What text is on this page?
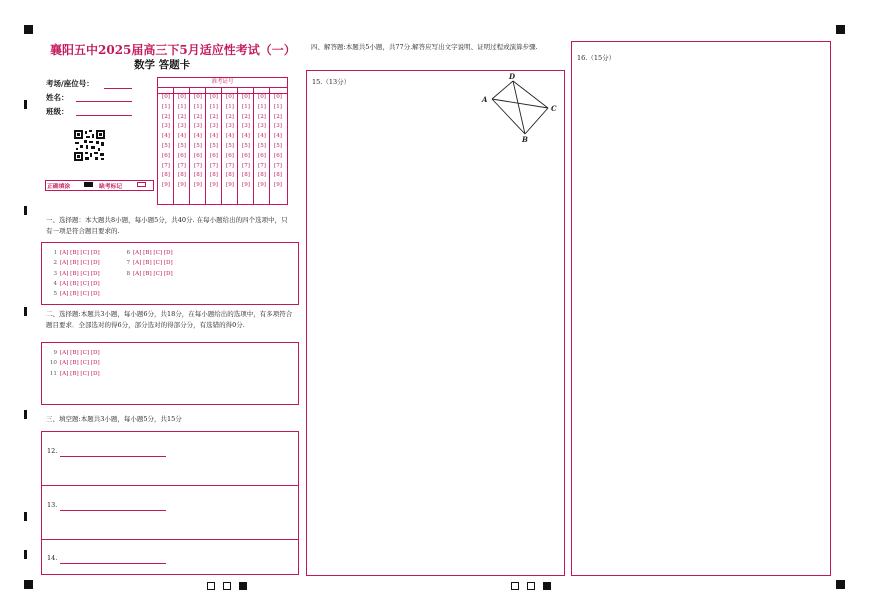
襄阳五中2025届高三下5月适应性考试（一）
数学 答题卡
考场/座位号：
姓名：
班级：
准考证号
[0]
[1]
[2]
[3]
[4]
[5]
[6]
[7]
[8]
[9]
[0]
[1]
[2]
[3]
[4]
[5]
[6]
[7]
[8]
[9]
[0]
[1]
[2]
[3]
[4]
[5]
[6]
[7]
[8]
[9]
[0]
[1]
[2]
[3]
[4]
[5]
[6]
[7]
[8]
[9]
[0]
[1]
[2]
[3]
[4]
[5]
[6]
[7]
[8]
[9]
[0]
[1]
[2]
[3]
[4]
[5]
[6]
[7]
[8]
[9]
[0]
[1]
[2]
[3]
[4]
[5]
[6]
[7]
[8]
[9]
[0]
[1]
[2]
[3]
[4]
[5]
[6]
[7]
[8]
[9]
正确填涂	缺考标记
一、选择题：本大题共8小题，每小题5分，共40分. 在每小题给出的四个选项中，只有一项是符合题目要求的.
1 [A] [B] [C] [D]
2 [A] [B] [C] [D]
3 [A] [B] [C] [D]
4 [A] [B] [C] [D]
5 [A] [B] [C] [D]
6 [A] [B] [C] [D]
7 [A] [B] [C] [D]
8 [A] [B] [C] [D]
二、选择题:本题共3小题，每小题6分，共18分，在每小题给出的选项中，有多项符合题目要求．全部选对的得6分，部分选对的得部分分，有选错的得0分.
9 [A] [B] [C] [D]
10 [A] [B] [C] [D]
11 [A] [B] [C] [D]
三、填空题:本题共3小题，每小题5分，共15分
12.
13.
14.
四、解答题:本题共5小题，共77分.解答应写出文字说明、证明过程或演算步骤.
15.（13分）
D
A
C
B
16.（15分）
